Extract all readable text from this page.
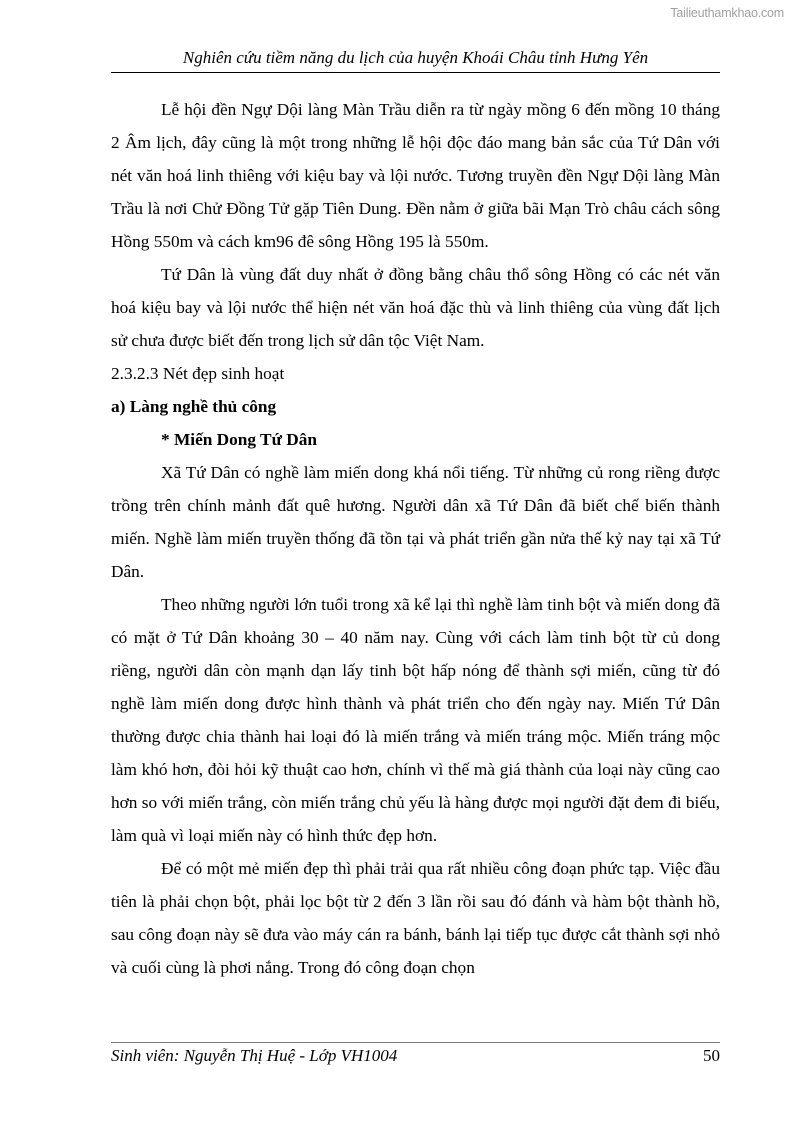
Tailieuthamkhao.com
Nghiên cứu tiềm năng du lịch của huyện Khoái Châu tỉnh Hưng Yên

Lễ hội đền Ngự Dội làng Màn Trầu diễn ra từ ngày mồng 6 đến mồng 10 tháng 2 Âm lịch, đây cũng là một trong những lễ hội độc đáo mang bản sắc của Tứ Dân với nét văn hoá linh thiêng với kiệu bay và lội nước. Tương truyền đền Ngự Dội làng Màn Trầu là nơi Chử Đồng Tử gặp Tiên Dung. Đền nằm ở giữa bãi Mạn Trò châu cách sông Hồng 550m và cách km96 đê sông Hồng 195 là 550m.

Tứ Dân là vùng đất duy nhất ở đồng bằng châu thổ sông Hồng có các nét văn hoá kiệu bay và lội nước thể hiện nét văn hoá đặc thù và linh thiêng của vùng đất lịch sử chưa được biết đến trong lịch sử dân tộc Việt Nam.

2.3.2.3 Nét đẹp sinh hoạt

a) Làng nghề thủ công

* Miến Dong Tứ Dân

Xã Tứ Dân có nghề làm miến dong khá nổi tiếng. Từ những củ rong riềng được trồng trên chính mảnh đất quê hương. Người dân xã Tứ Dân đã biết chế biến thành miến. Nghề làm miến truyền thống đã tồn tại và phát triển gần nửa thế kỷ nay tại xã Tứ Dân.

Theo những người lớn tuổi trong xã kể lại thì nghề làm tinh bột và miến dong đã có mặt ở Tứ Dân khoảng 30 – 40 năm nay. Cùng với cách làm tinh bột từ củ dong riềng, người dân còn mạnh dạn lấy tinh bột hấp nóng để thành sợi miến, cũng từ đó nghề làm miến dong được hình thành và phát triển cho đến ngày nay. Miến Tứ Dân thường được chia thành hai loại đó là miến trắng và miến tráng mộc. Miến tráng mộc làm khó hơn, đòi hỏi kỹ thuật cao hơn, chính vì thế mà giá thành của loại này cũng cao hơn so với miến trắng, còn miến trắng chủ yếu là hàng được mọi người đặt đem đi biếu, làm quà vì loại miến này có hình thức đẹp hơn.

Để có một mẻ miến đẹp thì phải trải qua rất nhiều công đoạn phức tạp. Việc đầu tiên là phải chọn bột, phải lọc bột từ 2 đến 3 lần rồi sau đó đánh và hàm bột thành hồ, sau công đoạn này sẽ đưa vào máy cán ra bánh, bánh lại tiếp tục được cắt thành sợi nhỏ và cuối cùng là phơi nắng. Trong đó công đoạn chọn

Sinh viên: Nguyễn Thị Huệ - Lớp VH1004	50
